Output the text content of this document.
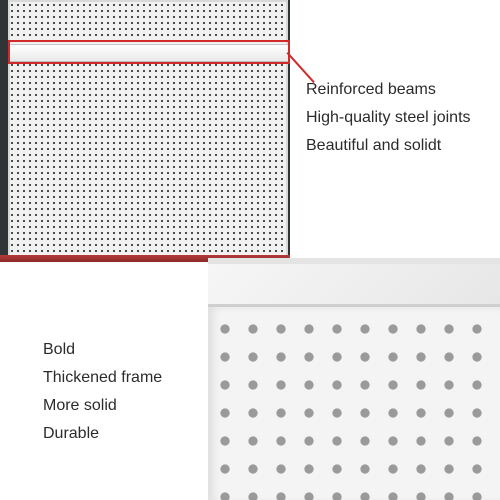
Reinforced beams
High-quality steel joints
Beautiful and solidt
Bold
Thickened frame
More solid
Durable
